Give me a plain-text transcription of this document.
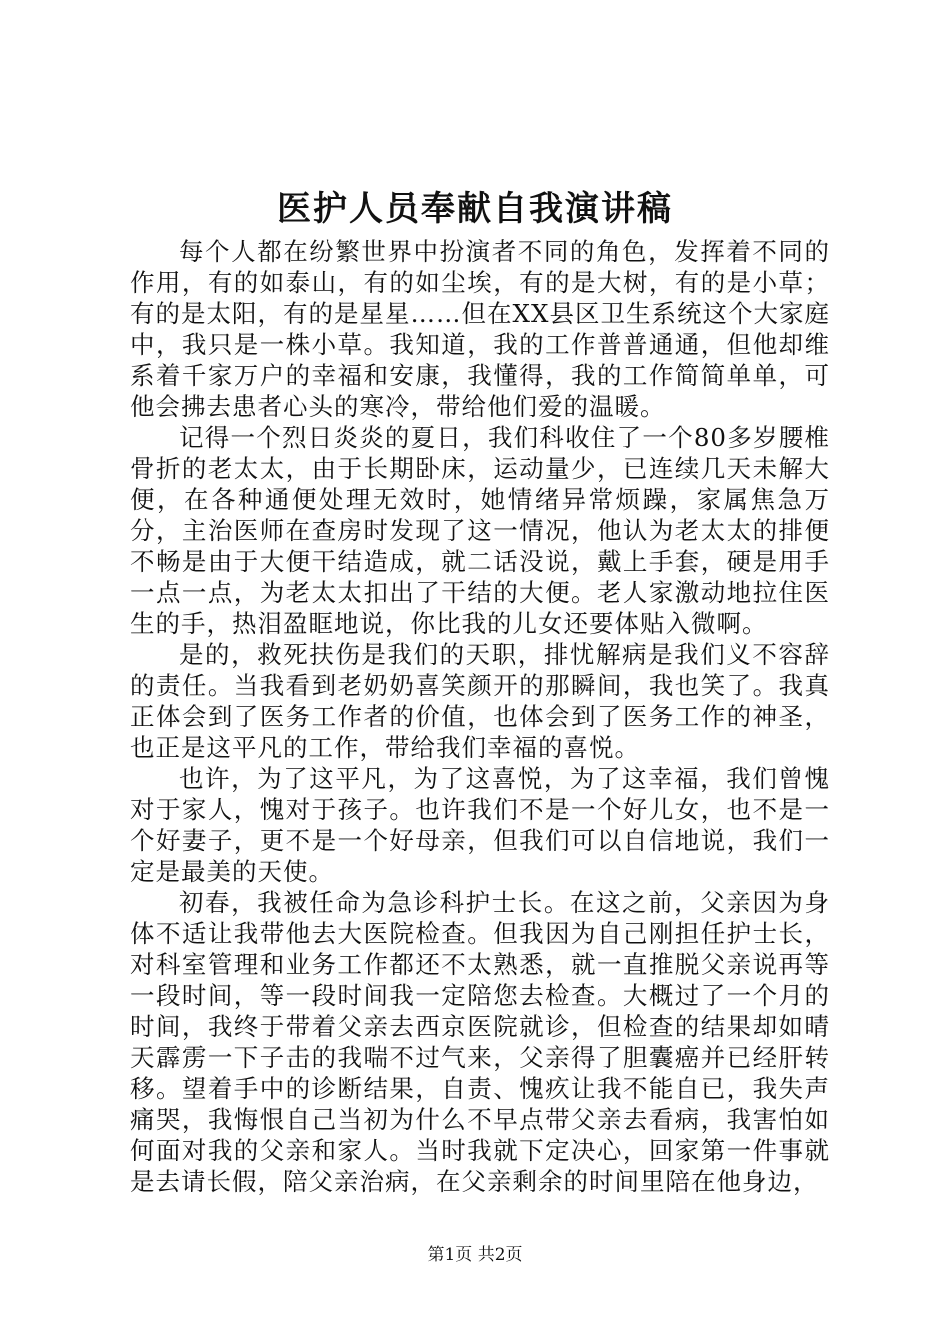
医护人员奉献自我演讲稿

每个人都在纷繁世界中扮演者不同的角色，发挥着不同的作用，有的如泰山，有的如尘埃，有的是大树，有的是小草；有的是太阳，有的是星星……但在XX县区卫生系统这个大家庭中，我只是一株小草。我知道，我的工作普普通通，但他却维系着千家万户的幸福和安康，我懂得，我的工作简简单单，可他会拂去患者心头的寒冷，带给他们爱的温暖。

记得一个烈日炎炎的夏日，我们科收住了一个80多岁腰椎骨折的老太太，由于长期卧床，运动量少，已连续几天未解大便，在各种通便处理无效时，她情绪异常烦躁，家属焦急万分，主治医师在查房时发现了这一情况，他认为老太太的排便不畅是由于大便干结造成，就二话没说，戴上手套，硬是用手一点一点，为老太太扣出了干结的大便。老人家激动地拉住医生的手，热泪盈眶地说，你比我的儿女还要体贴入微啊。

是的，救死扶伤是我们的天职，排忧解病是我们义不容辞的责任。当我看到老奶奶喜笑颜开的那瞬间，我也笑了。我真正体会到了医务工作者的价值，也体会到了医务工作的神圣，也正是这平凡的工作，带给我们幸福的喜悦。

也许，为了这平凡，为了这喜悦，为了这幸福，我们曾愧对于家人，愧对于孩子。也许我们不是一个好儿女，也不是一个好妻子，更不是一个好母亲，但我们可以自信地说，我们一定是最美的天使。

初春，我被任命为急诊科护士长。在这之前，父亲因为身体不适让我带他去大医院检查。但我因为自己刚担任护士长，对科室管理和业务工作都还不太熟悉，就一直推脱父亲说再等一段时间，等一段时间我一定陪您去检查。大概过了一个月的时间，我终于带着父亲去西京医院就诊，但检查的结果却如晴天霹雳一下子击的我喘不过气来，父亲得了胆囊癌并已经肝转移。望着手中的诊断结果，自责、愧疚让我不能自已，我失声痛哭，我悔恨自己当初为什么不早点带父亲去看病，我害怕如何面对我的父亲和家人。当时我就下定决心，回家第一件事就是去请长假，陪父亲治病，在父亲剩余的时间里陪在他身边，

第1页 共2页
